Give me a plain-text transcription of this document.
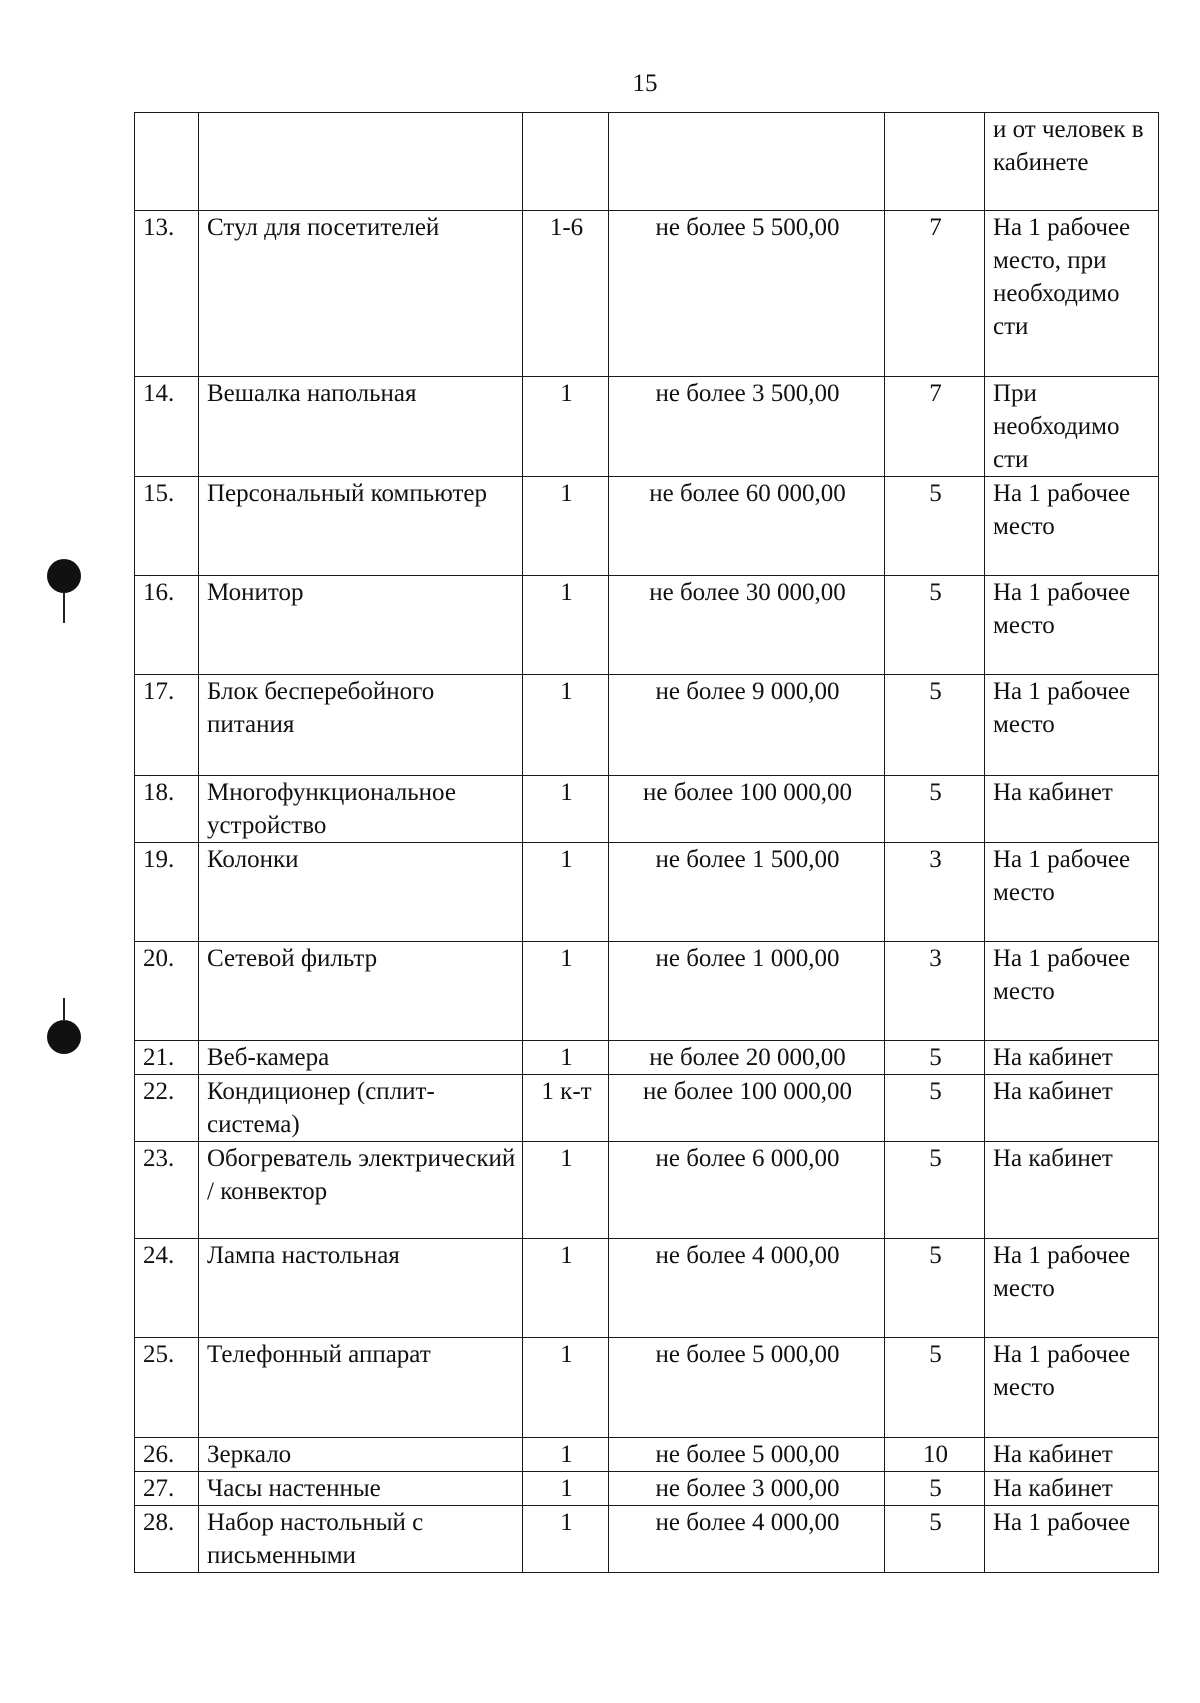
15
					и от человек в кабинете
13.	Стул для посетителей	1-6	не более 5 500,00	7	На 1 рабочее место, при необходимо сти
14.	Вешалка напольная	1	не более 3 500,00	7	При необходимо сти
15.	Персональный компьютер	1	не более 60 000,00	5	На 1 рабочее место
16.	Монитор	1	не более 30 000,00	5	На 1 рабочее место
17.	Блок бесперебойного питания	1	не более 9 000,00	5	На 1 рабочее место
18.	Многофункциональное устройство	1	не более 100 000,00	5	На кабинет
19.	Колонки	1	не более 1 500,00	3	На 1 рабочее место
20.	Сетевой фильтр	1	не более 1 000,00	3	На 1 рабочее место
21.	Веб-камера	1	не более 20 000,00	5	На кабинет
22.	Кондиционер (сплит-система)	1 к-т	не более 100 000,00	5	На кабинет
23.	Обогреватель электрический / конвектор	1	не более 6 000,00	5	На кабинет
24.	Лампа настольная	1	не более 4 000,00	5	На 1 рабочее место
25.	Телефонный аппарат	1	не более 5 000,00	5	На 1 рабочее место
26.	Зеркало	1	не более 5 000,00	10	На кабинет
27.	Часы настенные	1	не более 3 000,00	5	На кабинет
28.	Набор настольный с письменными	1	не более 4 000,00	5	На 1 рабочее
